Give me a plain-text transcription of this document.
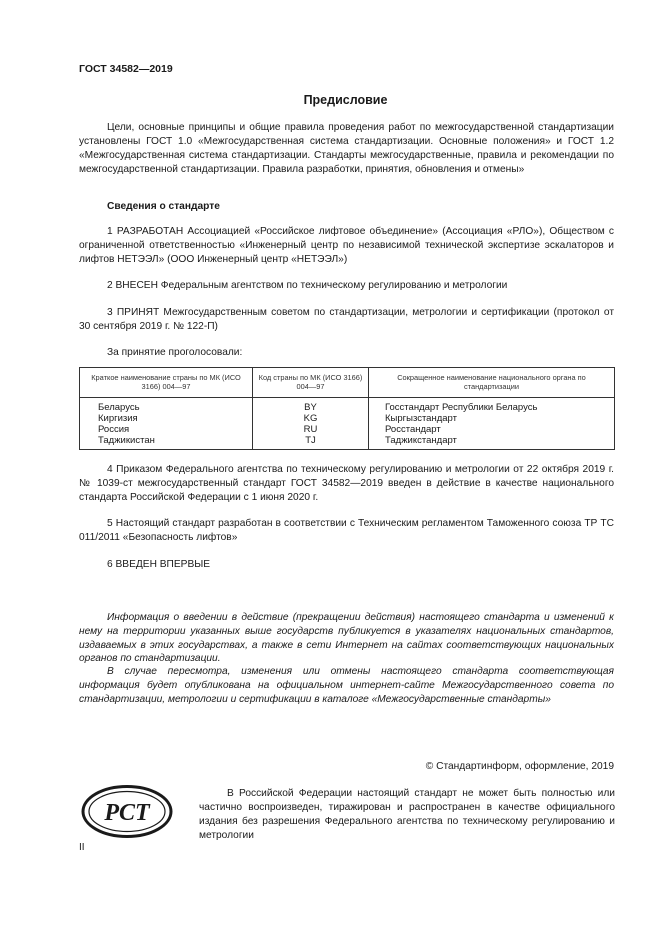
ГОСТ 34582—2019
Предисловие
Цели, основные принципы и общие правила проведения работ по межгосударственной стандартизации установлены ГОСТ 1.0 «Межгосударственная система стандартизации. Основные положения» и ГОСТ 1.2 «Межгосударственная система стандартизации. Стандарты межгосударственные, правила и рекомендации по межгосударственной стандартизации. Правила разработки, принятия, обновления и отмены»
Сведения о стандарте
1 РАЗРАБОТАН Ассоциацией «Российское лифтовое объединение» (Ассоциация «РЛО»), Обществом с ограниченной ответственностью «Инженерный центр по независимой технической экспертизе эскалаторов и лифтов НЕТЭЭЛ» (ООО Инженерный центр «НЕТЭЭЛ»)
2 ВНЕСЕН Федеральным агентством по техническому регулированию и метрологии
3 ПРИНЯТ Межгосударственным советом по стандартизации, метрологии и сертификации (протокол от 30 сентября 2019 г. № 122-П)
За принятие проголосовали:
Краткое наименование страны по МК (ИСО 3166) 004—97	Код страны по МК (ИСО 3166) 004—97	Сокращенное наименование национального органа по стандартизации
Беларусь	BY	Госстандарт Республики Беларусь
Киргизия	KG	Кыргызстандарт
Россия	RU	Росстандарт
Таджикистан	TJ	Таджикстандарт
4 Приказом Федерального агентства по техническому регулированию и метрологии от 22 октября 2019 г. № 1039-ст межгосударственный стандарт ГОСТ 34582—2019 введен в действие в качестве национального стандарта Российской Федерации с 1 июня 2020 г.
5 Настоящий стандарт разработан в соответствии с Техническим регламентом Таможенного союза ТР ТС 011/2011 «Безопасность лифтов»
6 ВВЕДЕН ВПЕРВЫЕ
Информация о введении в действие (прекращении действия) настоящего стандарта и изменений к нему на территории указанных выше государств публикуется в указателях национальных стандартов, издаваемых в этих государствах, а также в сети Интернет на сайтах соответствующих национальных органов по стандартизации.
В случае пересмотра, изменения или отмены настоящего стандарта соответствующая информация будет опубликована на официальном интернет-сайте Межгосударственного совета по стандартизации, метрологии и сертификации в каталоге «Межгосударственные стандарты»
© Стандартинформ, оформление, 2019
РСТ
В Российской Федерации настоящий стандарт не может быть полностью или частично воспроизведен, тиражирован и распространен в качестве официального издания без разрешения Федерального агентства по техническому регулированию и метрологии
II
